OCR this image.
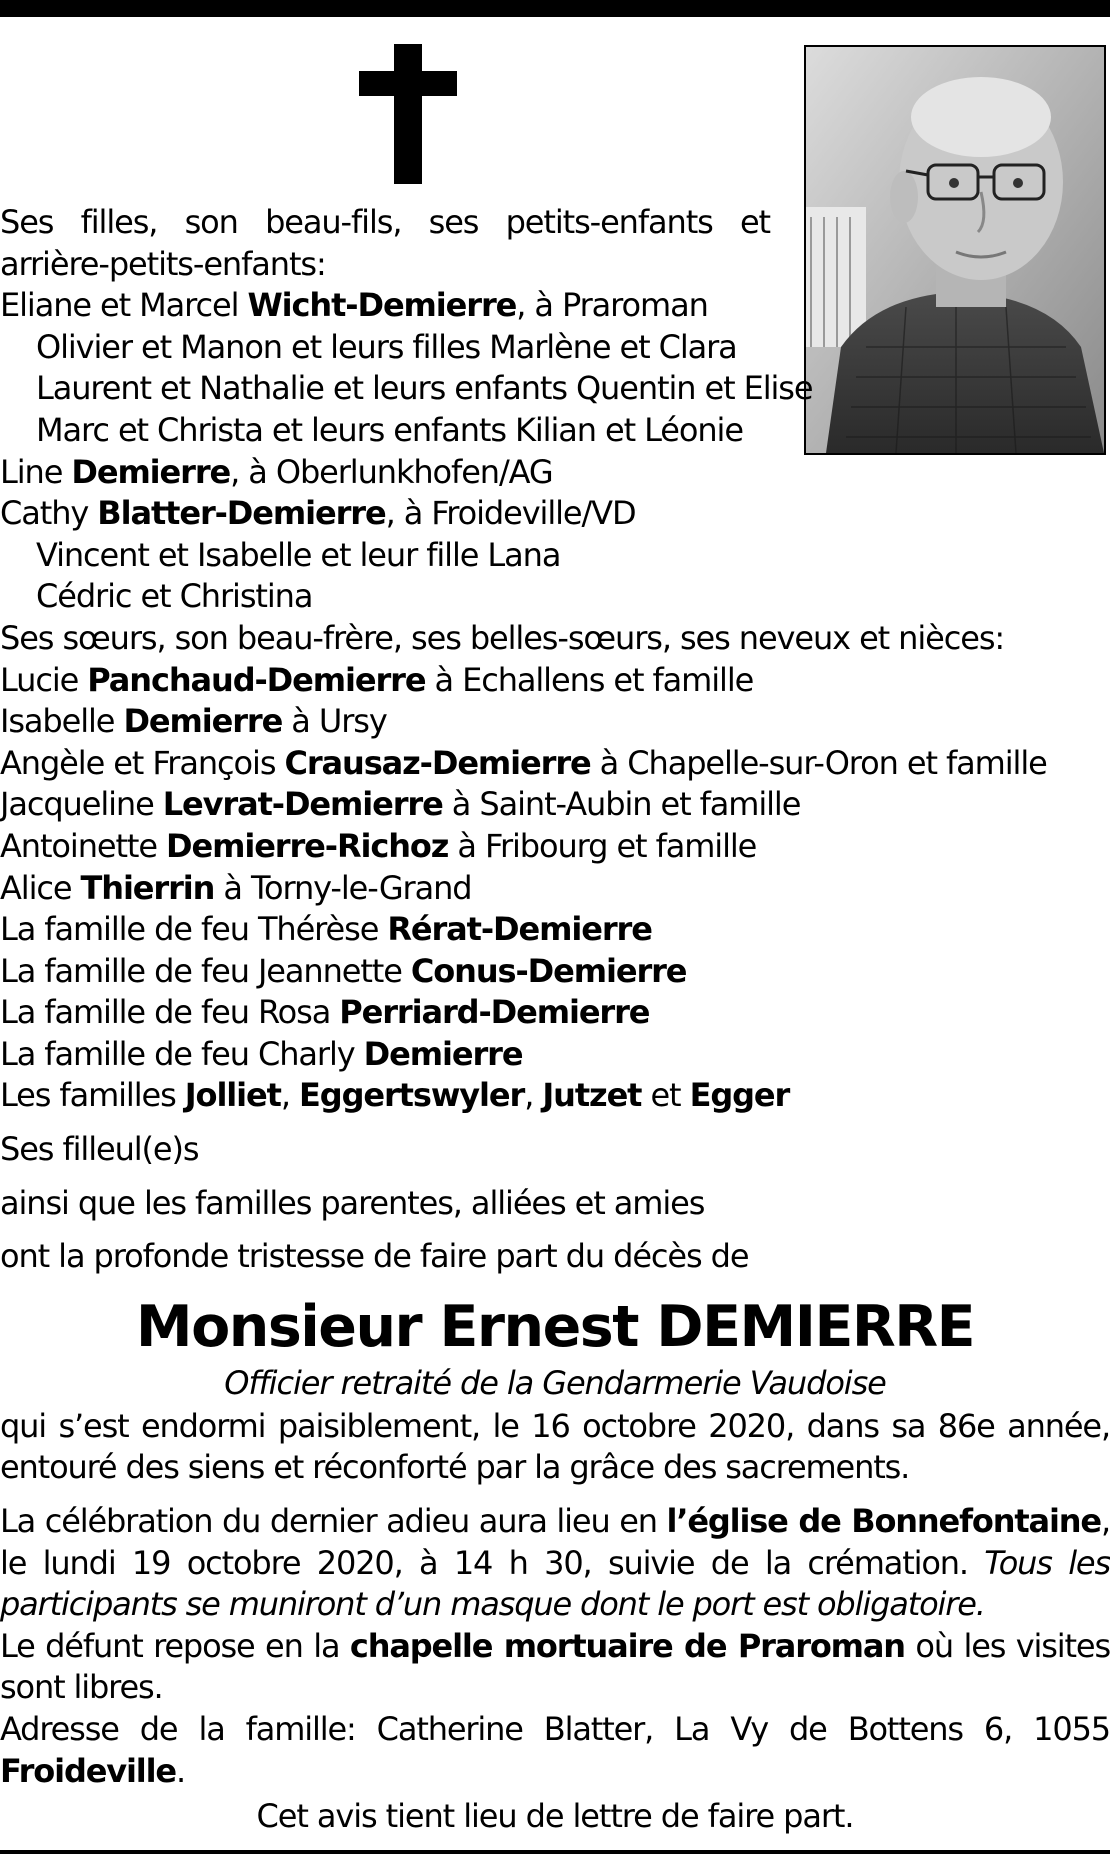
Ses filles, son beau-fils, ses petits-enfants et
arrière-petits-enfants:
Eliane et Marcel Wicht-Demierre, à Praroman
Olivier et Manon et leurs filles Marlène et Clara
Laurent et Nathalie et leurs enfants Quentin et Elise
Marc et Christa et leurs enfants Kilian et Léonie
Line Demierre, à Oberlunkhofen/AG
Cathy Blatter-Demierre, à Froideville/VD
Vincent et Isabelle et leur fille Lana
Cédric et Christina
Ses sœurs, son beau-frère, ses belles-sœurs, ses neveux et nièces:
Lucie Panchaud-Demierre à Echallens et famille
Isabelle Demierre à Ursy
Angèle et François Crausaz-Demierre à Chapelle-sur-Oron et famille
Jacqueline Levrat-Demierre à Saint-Aubin et famille
Antoinette Demierre-Richoz à Fribourg et famille
Alice Thierrin à Torny-le-Grand
La famille de feu Thérèse Rérat-Demierre
La famille de feu Jeannette Conus-Demierre
La famille de feu Rosa Perriard-Demierre
La famille de feu Charly Demierre
Les familles Jolliet, Eggertswyler, Jutzet et Egger
Ses filleul(e)s
ainsi que les familles parentes, alliées et amies
ont la profonde tristesse de faire part du décès de
Monsieur Ernest DEMIERRE
Officier retraité de la Gendarmerie Vaudoise
qui s’est endormi paisiblement, le 16 octobre 2020, dans sa 86e année,
entouré des siens et réconforté par la grâce des sacrements.
La célébration du dernier adieu aura lieu en l’église de Bonnefontaine, le lundi 19 octobre 2020, à 14 h 30, suivie de la crémation. Tous les participants se muniront d’un masque dont le port est obligatoire.
Le défunt repose en la chapelle mortuaire de Praroman où les visites sont libres.
Adresse de la famille: Catherine Blatter, La Vy de Bottens 6, 1055 Froideville.
Cet avis tient lieu de lettre de faire part.
